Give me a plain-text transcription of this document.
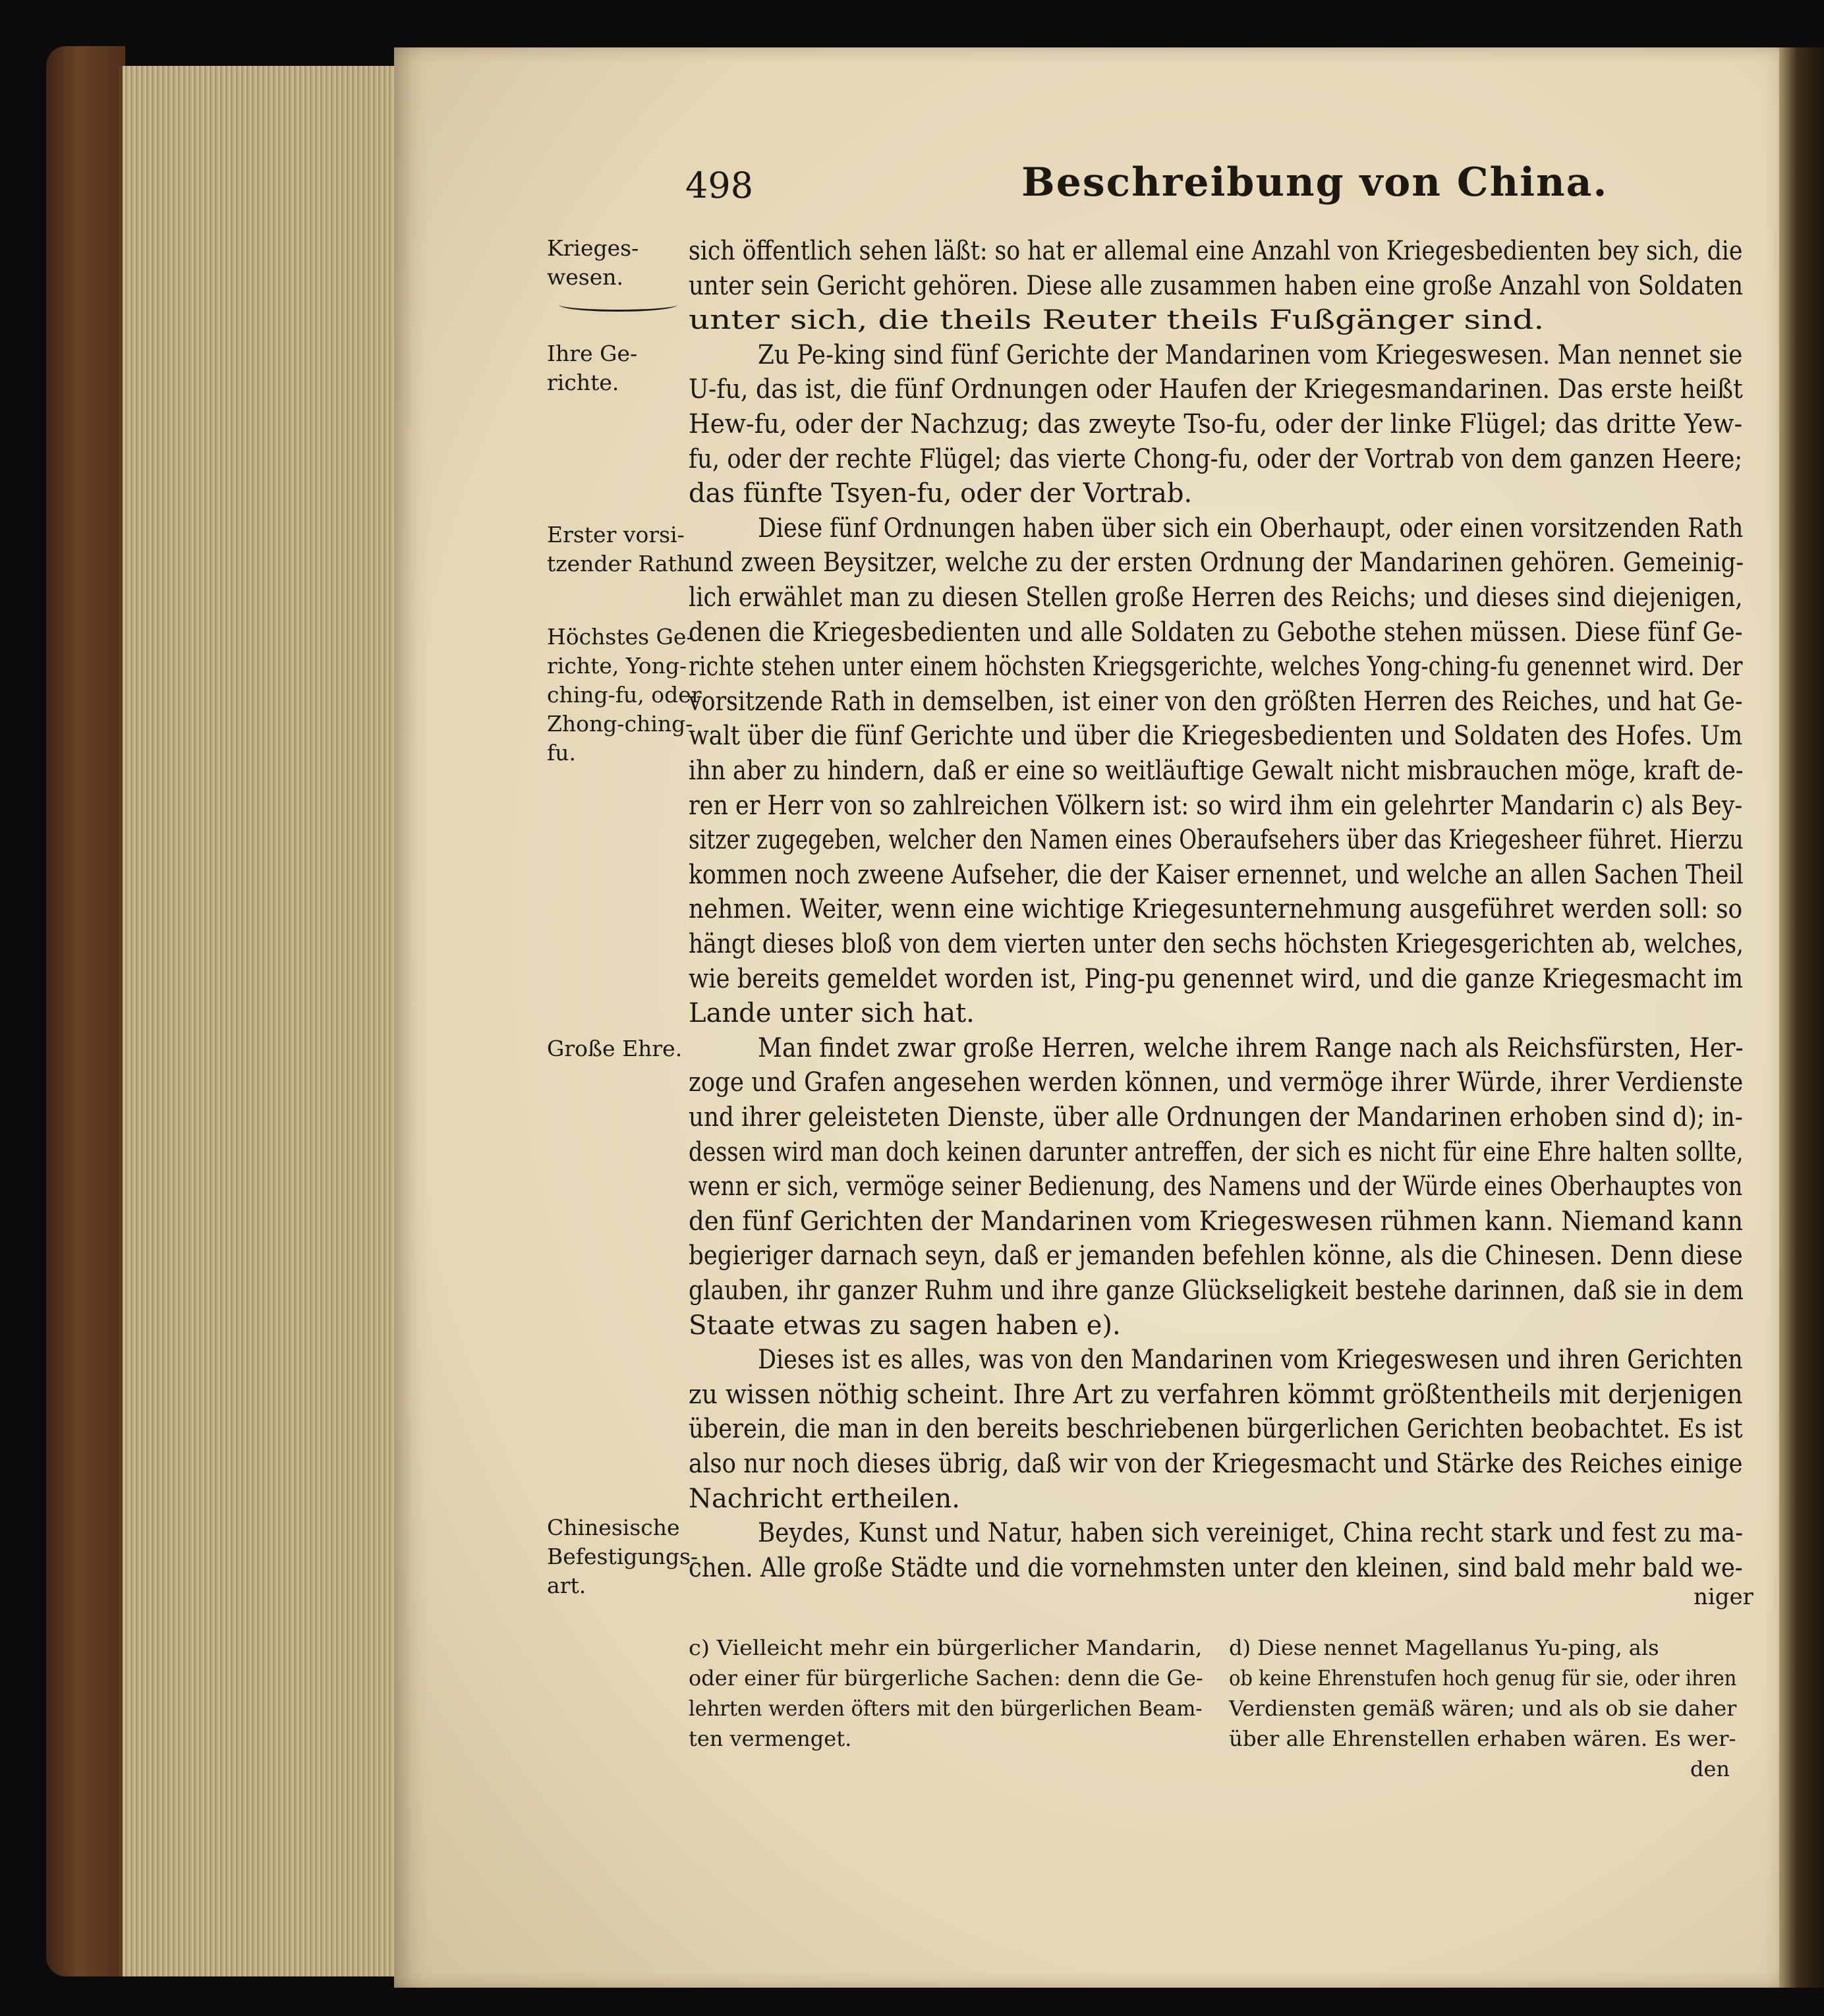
498	Beschreibung von China.
Krieges-
wesen.
Ihre Ge-
richte.
Erster vorsi-
tzender Rath.
Höchstes Ge-
richte, Yong-
ching-fu, oder
Zhong-ching-
fu.
Große Ehre.
Chinesische
Befestigungs-
art.
sich öffentlich sehen läßt: so hat er allemal eine Anzahl von Kriegesbedienten bey sich, die
unter sein Gericht gehören. Diese alle zusammen haben eine große Anzahl von Soldaten
unter sich, die theils Reuter theils Fußgänger sind.
Zu Pe-king sind fünf Gerichte der Mandarinen vom Kriegeswesen. Man nennet sie
U-fu, das ist, die fünf Ordnungen oder Haufen der Kriegesmandarinen. Das erste heißt
Hew-fu, oder der Nachzug; das zweyte Tso-fu, oder der linke Flügel; das dritte Yew-
fu, oder der rechte Flügel; das vierte Chong-fu, oder der Vortrab von dem ganzen Heere;
das fünfte Tsyen-fu, oder der Vortrab.
Diese fünf Ordnungen haben über sich ein Oberhaupt, oder einen vorsitzenden Rath
und zween Beysitzer, welche zu der ersten Ordnung der Mandarinen gehören. Gemeinig-
lich erwählet man zu diesen Stellen große Herren des Reichs; und dieses sind diejenigen,
denen die Kriegesbedienten und alle Soldaten zu Gebothe stehen müssen. Diese fünf Ge-
richte stehen unter einem höchsten Kriegsgerichte, welches Yong-ching-fu genennet wird. Der
vorsitzende Rath in demselben, ist einer von den größten Herren des Reiches, und hat Ge-
walt über die fünf Gerichte und über die Kriegesbedienten und Soldaten des Hofes. Um
ihn aber zu hindern, daß er eine so weitläuftige Gewalt nicht misbrauchen möge, kraft de-
ren er Herr von so zahlreichen Völkern ist: so wird ihm ein gelehrter Mandarin c) als Bey-
sitzer zugegeben, welcher den Namen eines Oberaufsehers über das Kriegesheer führet. Hierzu
kommen noch zweene Aufseher, die der Kaiser ernennet, und welche an allen Sachen Theil
nehmen. Weiter, wenn eine wichtige Kriegesunternehmung ausgeführet werden soll: so
hängt dieses bloß von dem vierten unter den sechs höchsten Kriegesgerichten ab, welches,
wie bereits gemeldet worden ist, Ping-pu genennet wird, und die ganze Kriegesmacht im
Lande unter sich hat.
Man findet zwar große Herren, welche ihrem Range nach als Reichsfürsten, Her-
zoge und Grafen angesehen werden können, und vermöge ihrer Würde, ihrer Verdienste
und ihrer geleisteten Dienste, über alle Ordnungen der Mandarinen erhoben sind d); in-
dessen wird man doch keinen darunter antreffen, der sich es nicht für eine Ehre halten sollte,
wenn er sich, vermöge seiner Bedienung, des Namens und der Würde eines Oberhauptes von
den fünf Gerichten der Mandarinen vom Kriegeswesen rühmen kann. Niemand kann
begieriger darnach seyn, daß er jemanden befehlen könne, als die Chinesen. Denn diese
glauben, ihr ganzer Ruhm und ihre ganze Glückseligkeit bestehe darinnen, daß sie in dem
Staate etwas zu sagen haben e).
Dieses ist es alles, was von den Mandarinen vom Kriegeswesen und ihren Gerichten
zu wissen nöthig scheint. Ihre Art zu verfahren kömmt größtentheils mit derjenigen
überein, die man in den bereits beschriebenen bürgerlichen Gerichten beobachtet. Es ist
also nur noch dieses übrig, daß wir von der Kriegesmacht und Stärke des Reiches einige
Nachricht ertheilen.
Beydes, Kunst und Natur, haben sich vereiniget, China recht stark und fest zu ma-
chen. Alle große Städte und die vornehmsten unter den kleinen, sind bald mehr bald we-
niger
c) Vielleicht mehr ein bürgerlicher Mandarin,
oder einer für bürgerliche Sachen: denn die Ge-
lehrten werden öfters mit den bürgerlichen Beam-
ten vermenget.
d) Diese nennet Magellanus Yu-ping, als
ob keine Ehrenstufen hoch genug für sie, oder ihren
Verdiensten gemäß wären; und als ob sie daher
über alle Ehrenstellen erhaben wären. Es wer-
den
